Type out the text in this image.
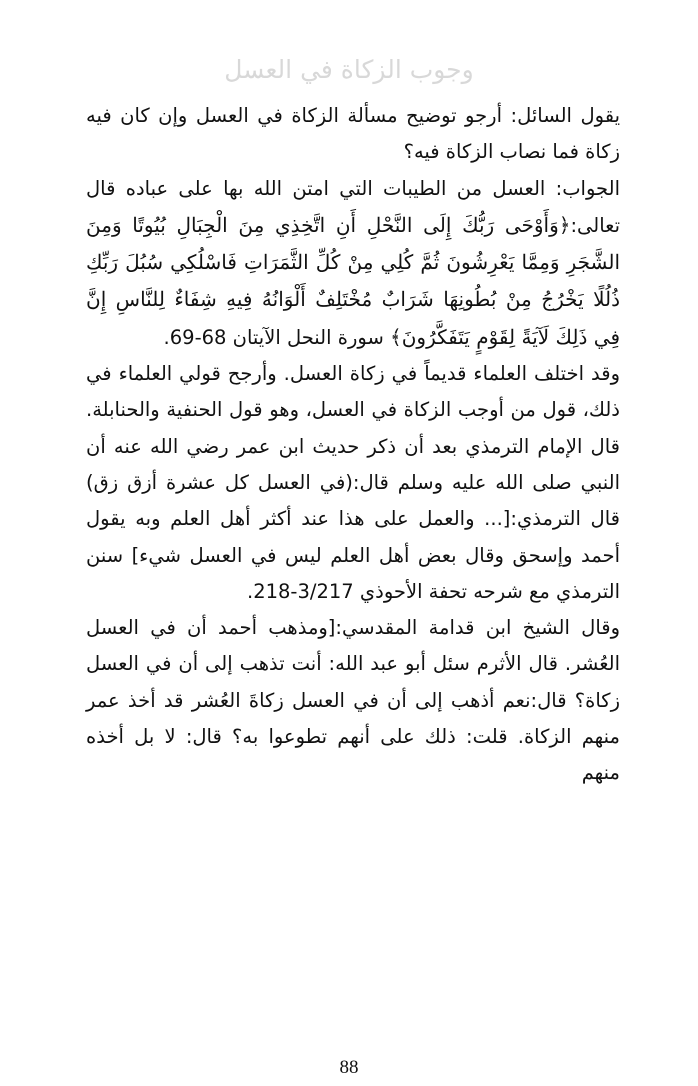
وجوب الزكاة في العسل

يقول السائل: أرجو توضيح مسألة الزكاة في العسل وإن كان فيه زكاة فما نصاب الزكاة فيه؟

الجواب: العسل من الطيبات التي امتن الله بها على عباده قال تعالى:﴿وَأَوْحَى رَبُّكَ إِلَى النَّحْلِ أَنِ اتَّخِذِي مِنَ الْجِبَالِ بُيُوتًا وَمِنَ الشَّجَرِ وَمِمَّا يَعْرِشُونَ ثُمَّ كُلِي مِنْ كُلِّ الثَّمَرَاتِ فَاسْلُكِي سُبُلَ رَبِّكِ ذُلُلًا يَخْرُجُ مِنْ بُطُونِهَا شَرَابٌ مُخْتَلِفٌ أَلْوَانُهُ فِيهِ شِفَاءٌ لِلنَّاسِ إِنَّ فِي ذَلِكَ لَآيَةً لِقَوْمٍ يَتَفَكَّرُونَ﴾ سورة النحل الآيتان 68-69.

وقد اختلف العلماء قديماً في زكاة العسل. وأرجح قولي العلماء في ذلك، قول من أوجب الزكاة في العسل، وهو قول الحنفية والحنابلة. قال الإمام الترمذي بعد أن ذكر حديث ابن عمر رضي الله عنه أن النبي صلى الله عليه وسلم قال:(في العسل كل عشرة أزق زق) قال الترمذي:[... والعمل على هذا عند أكثر أهل العلم وبه يقول أحمد وإسحق وقال بعض أهل العلم ليس في العسل شيء] سنن الترمذي مع شرحه تحفة الأحوذي 3/217-218.

وقال الشيخ ابن قدامة المقدسي:[ومذهب أحمد أن في العسل العُشر. قال الأثرم سئل أبو عبد الله: أنت تذهب إلى أن في العسل زكاة؟ قال:نعم أذهب إلى أن في العسل زكاةَ العُشر قد أخذ عمر منهم الزكاة. قلت: ذلك على أنهم تطوعوا به؟ قال: لا بل أخذه منهم

88
